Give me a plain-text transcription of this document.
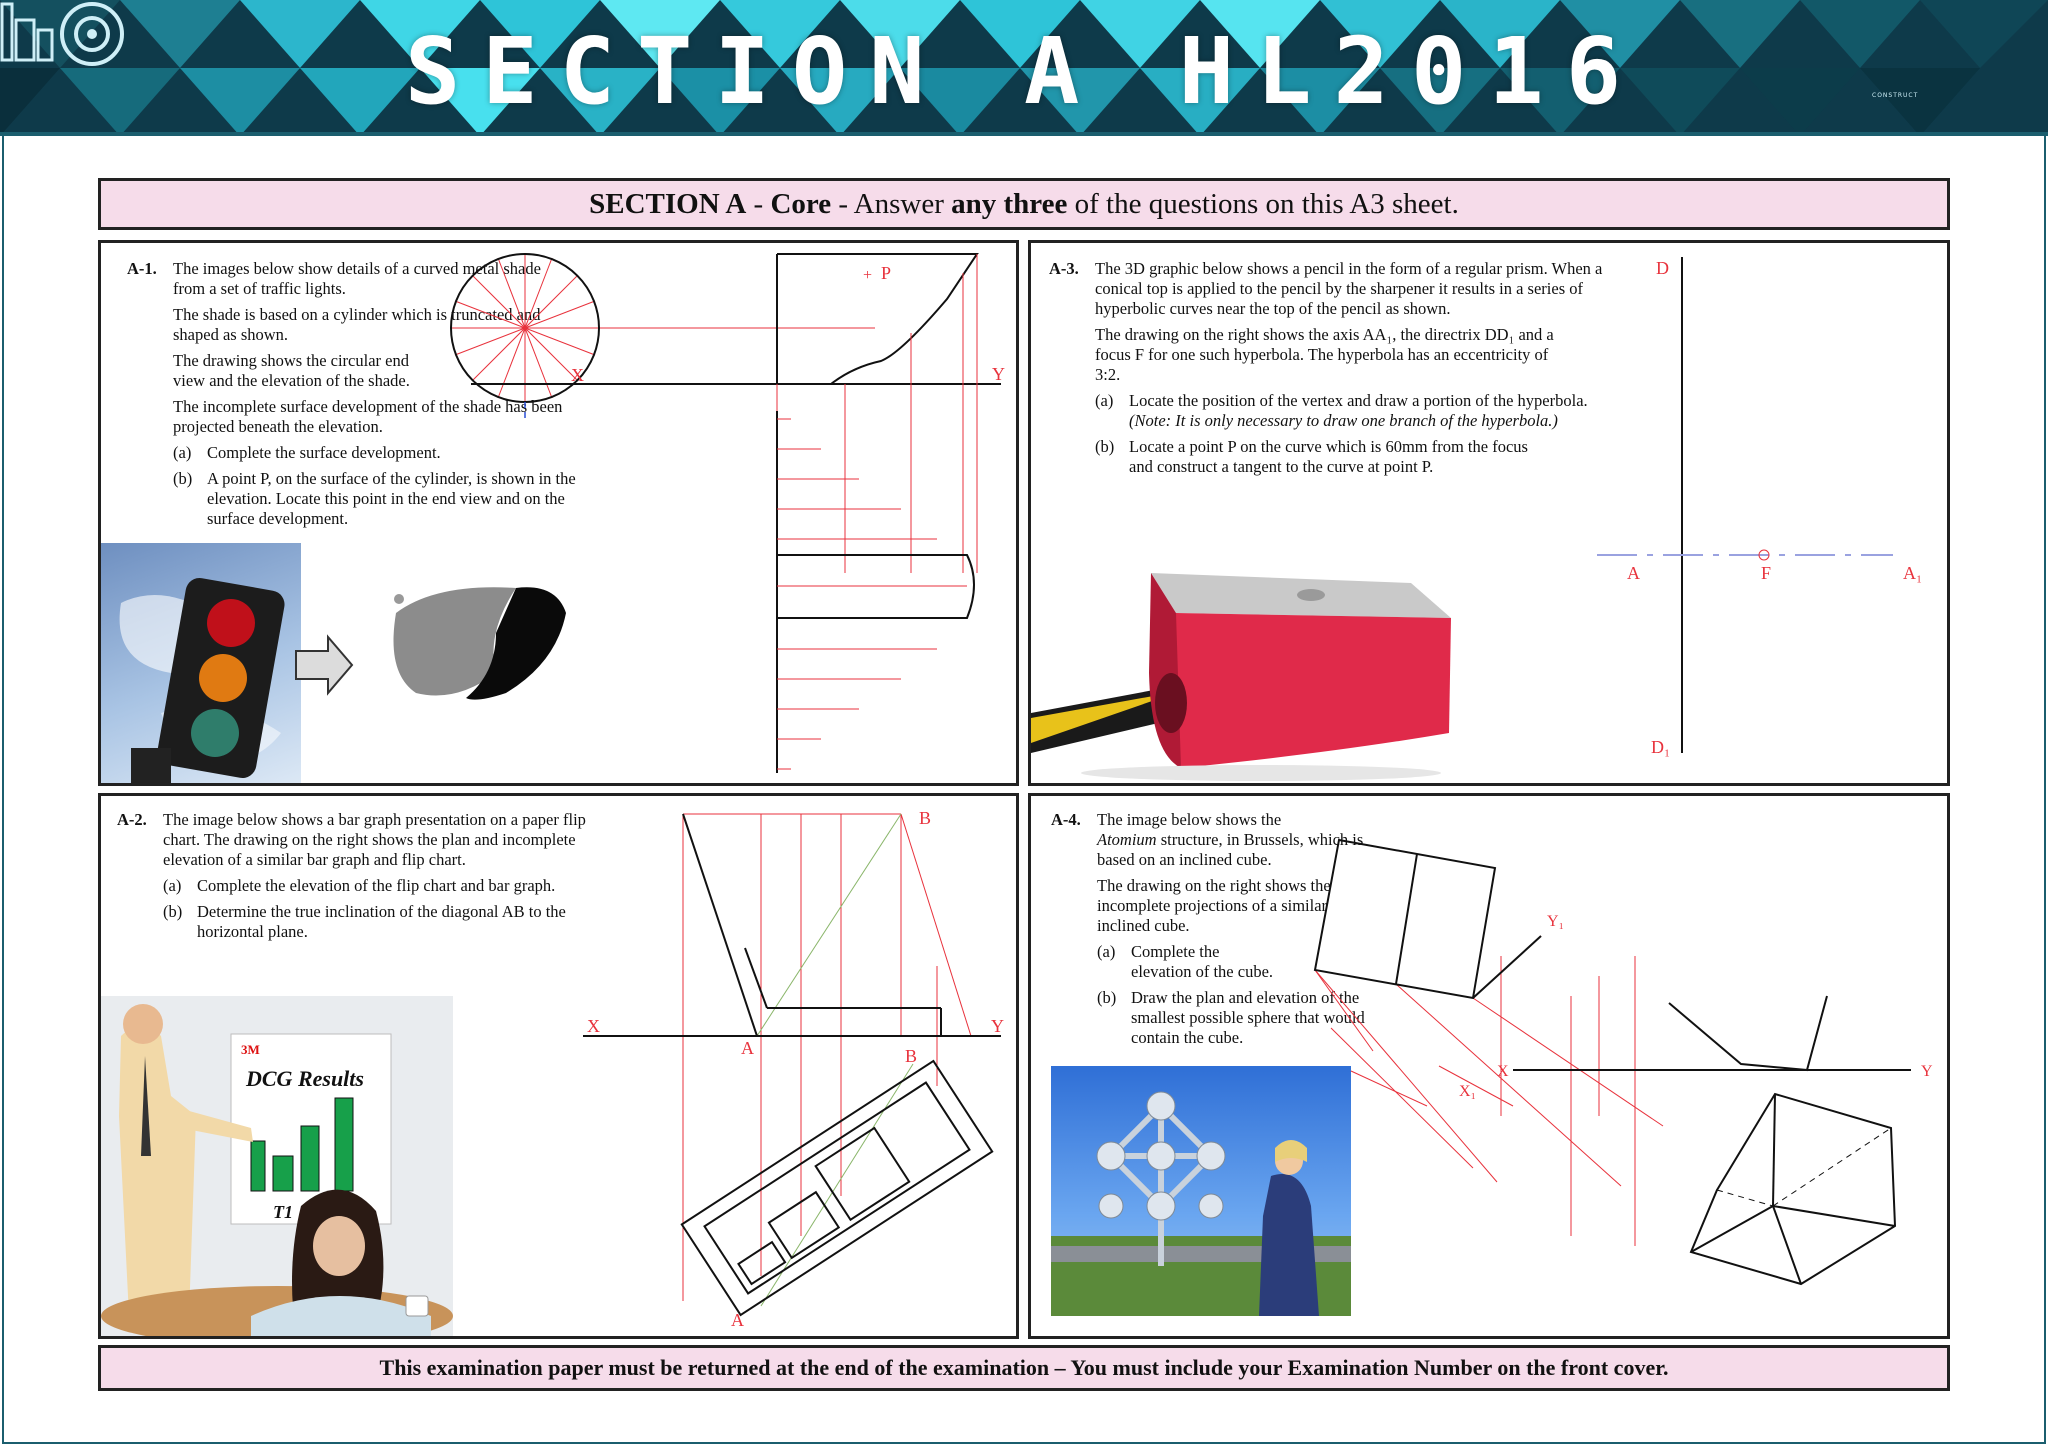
SECTION A HL2016	CONSTRUCT
SECTION A - Core - Answer any three of the questions on this A3 sheet.
A-1. The images below show details of a curved metal shade from a set of traffic lights.

The shade is based on a cylinder which is truncated and shaped as shown.

The drawing shows the circular end view and the elevation of the shade.

The incomplete surface development of the shade has been projected beneath the elevation.

(a) Complete the surface development.
(b) A point P, on the surface of the cylinder, is shown in the elevation. Locate this point in the end view and on the surface development.
X	Y
P
+	A-3. The 3D graphic below shows a pencil in the form of a regular prism. When a conical top is applied to the pencil by the sharpener it results in a series of hyperbolic curves near the top of the pencil as shown.

The drawing on the right shows the axis AA₁, the directrix DD₁ and a focus F for one such hyperbola. The hyperbola has an eccentricity of 3:2.

(a) Locate the position of the vertex and draw a portion of the hyperbola.
(Note: It is only necessary to draw one branch of the hyperbola.)
(b) Locate a point P on the curve which is 60mm from the focus and construct a tangent to the curve at point P.
D
D₁
A	A₁
F
A-2. The image below shows a bar graph presentation on a paper flip chart. The drawing on the right shows the plan and incomplete elevation of a similar bar graph and flip chart.

(a) Complete the elevation of the flip chart and bar graph.
(b) Determine the true inclination of the diagonal AB to the horizontal plane.
X	Y
A
B
B
A
3M
DCG Results
T1
A-4. The image below shows the
Atomium structure, in Brussels, which is based on an inclined cube.

The drawing on the right shows the incomplete projections of a similar inclined cube.

(a) Complete the elevation of the cube.
(b) Draw the plan and elevation of the smallest possible sphere that would contain the cube.
Y₁
X₁
X	Y
This examination paper must be returned at the end of the examination – You must include your Examination Number on the front cover.
